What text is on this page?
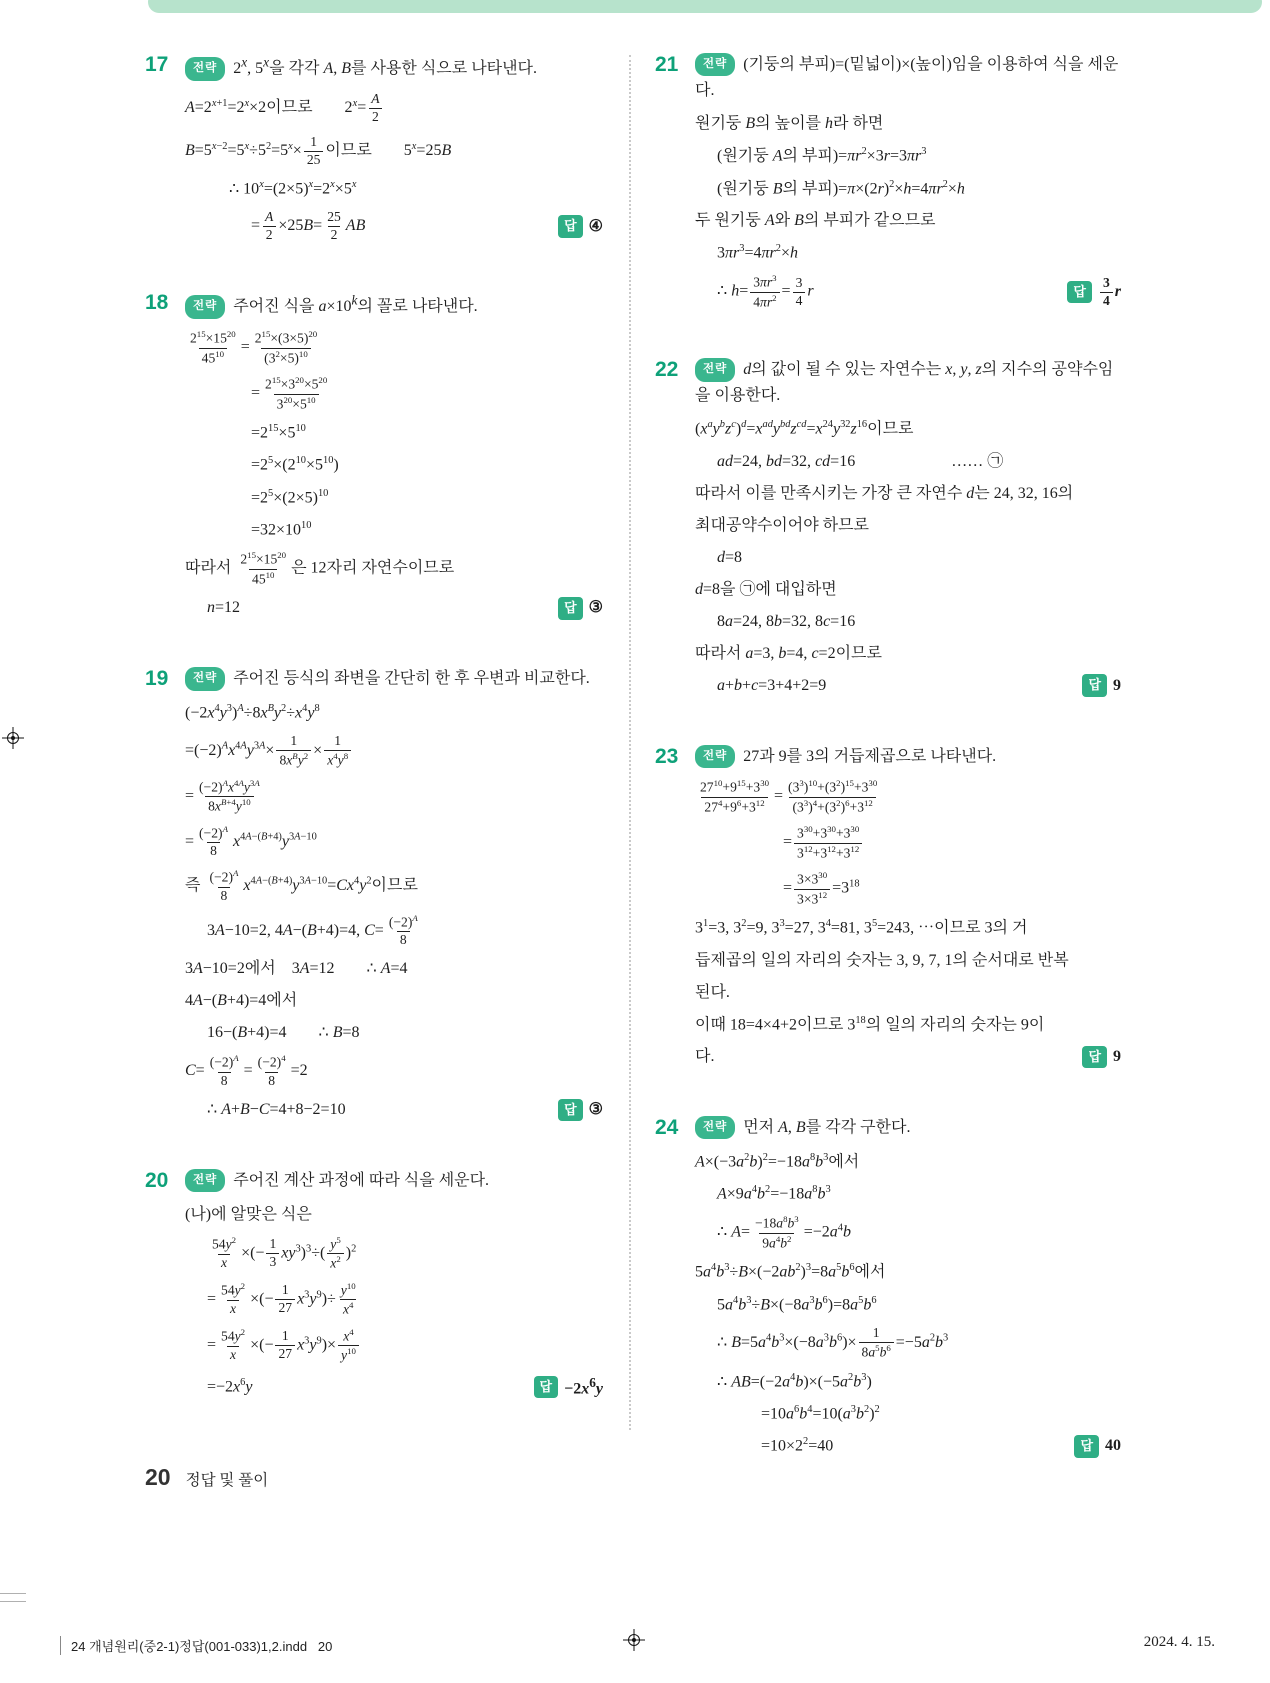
17	전략 2$^x$, 5$^x$을 각각 A, B를 사용한 식으로 나타낸다.
$A=2^{x+1}=2^x\times 2$이므로  $2^x= \frac{A}{2}$
$B=5^{x-2}=5^x\div 5^2=5^x\times \frac{1}{25}$ 이므로  $5^x=25B$
∴ $10^x=(2\times 5)^x=2^x\times 5^x$
= $\frac{A}{2} \times 25B= \frac{25}{2}$ AB	답 ④
18	전략 주어진 식을 $a\times 10^k$의 꼴로 나타낸다.
$\frac{2^{15}\times 15^{20}}{45^{10}} = \frac{2^{15}\times(3\times 5)^{20}}{(3^2\times 5)^{10}}$
= $\frac{2^{15}\times 3^{20}\times 5^{20}}{3^{20}\times 5^{10}}$
$=2^{15}\times 5^{10}$
$=2^5\times(2^{10}\times 5^{10})$
$=2^5\times(2\times 5)^{10}$
$=32\times 10^{10}$
따라서 $\frac{2^{15}\times 15^{20}}{45^{10}}$ 은 12자리 자연수이므로
n=12	답 ③
19	전략 주어진 등식의 좌변을 간단히 한 후 우변과 비교한다.
$(-2x^4y^3)^A\div 8x^By^2\div x^4y^8$
$=(-2)^Ax^{4A}y^{3A}\times$
1
$8x^By^2 \times \frac{1}{x^4y^8}$
= $\frac{(-2)^Ax^{4A}y^{3A}}{8x^{B+4}y^{10}}$
= $\frac{(-2)^A}{8} x^{4A-(B+4)}y^{3A-10}$
즉 $\frac{(-2)^A}{8} x^{4A-(B+4)}y^{3A-10}=Cx^4y^2$이므로
3A−10=2, 4A−(B+4)=4, $C= \frac{(-2)^A}{8}$
3A−10=2에서 3A=12  ∴ A=4
4A−(B+4)=4에서
16−(B+4)=4  ∴ B=8
$C= \frac{(-2)^A}{8} = \frac{(-2)^4}{8} =2$
∴ A+B−C=4+8−2=10	답 ③
20	전략 주어진 계산 과정에 따라 식을 세운다.
(나)에 알맞은 식은
$\frac{54y^2}{x}$ ×(− $\frac{1}{3} xy^3)^3\div( \frac{y^5}{x^2} )^2$
= $\frac{54y^2}{x}$ ×(− $\frac{1}{27} x^3y^9)\div \frac{y^{10}}{x^4}$
= $\frac{54y^2}{x}$ ×(− $\frac{1}{27} x^3y^9)\times \frac{x^4}{y^{10}}$
$=-2x^6y$	답 $-2x^6y$
21	전략 (기둥의 부피)=(밑넓이)×(높이)임을 이용하여 식을 세운다.
원기둥 B의 높이를 h라 하면
(원기둥 A의 부피)$=\pi r^2\times 3r=3\pi r^3$
(원기둥 B의 부피)$=\pi\times(2r)^2\times h=4\pi r^2\times h$
두 원기둥 A와 B의 부피가 같으므로
$3\pi r^3=4\pi r^2\times h$
∴ $h= \frac{3\pi r^3}{4\pi r^2} = \frac{3}{4}$ r	답	$\frac{3}{4}$ r
22	전략 d의 값이 될 수 있는 자연수는 x, y, z의 지수의 공약수임을 이용한다.
$(x^ay^bz^c)^d=x^{ad}y^{bd}z^{cd}=x^{24}y^{32}z^{16}$이므로
ad=24, bd=32, cd=16      …… ㉠
따라서 이를 만족시키는 가장 큰 자연수 d는 24, 32, 16의
최대공약수이어야 하므로
d=8
d=8을 ㉠에 대입하면
8a=24, 8b=32, 8c=16
따라서 a=3, b=4, c=2이므로
a+b+c=3+4+2=9	답 9
23	전략 27과 9를 3의 거듭제곱으로 나타낸다.
$\frac{27^{10}+9^{15}+3^{30}}{27^4+9^6+3^{12}} = \frac{(3^3)^{10}+(3^2)^{15}+3^{30}}{(3^3)^4+(3^2)^6+3^{12}}$
= $\frac{3^{30}+3^{30}+3^{30}}{3^{12}+3^{12}+3^{12}}$
= $\frac{3\times 3^{30}}{3\times 3^{12}} =3^{18}$
$3^1=3$, $3^2=9$, $3^3=27$, $3^4=81$, $3^5=243$, ⋯이므로 3의 거
듭제곱의 일의 자리의 숫자는 3, 9, 7, 1의 순서대로 반복
된다.
이때 18=4×4+2이므로 $3^{18}$의 일의 자리의 숫자는 9이
다.	답 9
24	전략 먼저 A, B를 각각 구한다.
$A\times(-3a^2b)^2=-18a^8b^3$에서
$A\times 9a^4b^2=-18a^8b^3$
∴ $A= \frac{-18a^8b^3}{9a^4b^2} =-2a^4b$
$5a^4b^3\div B\times(-2ab^2)^3=8a^5b^6$에서
$5a^4b^3\div B\times(-8a^3b^6)=8a^5b^6$
∴ $B=5a^4b^3\times(-8a^3b^6)\times \frac{1}{8a^5b^6} =-5a^2b^3$
∴ $AB=(-2a^4b)\times(-5a^2b^3)$
$=10a^6b^4=10(a^3b^2)^2$
$=10\times 2^2=40$	답 40
20 정답 및 풀이
24 개념원리(중2-1)정답(001-033)1,2.indd   20	2024. 4. 15.
